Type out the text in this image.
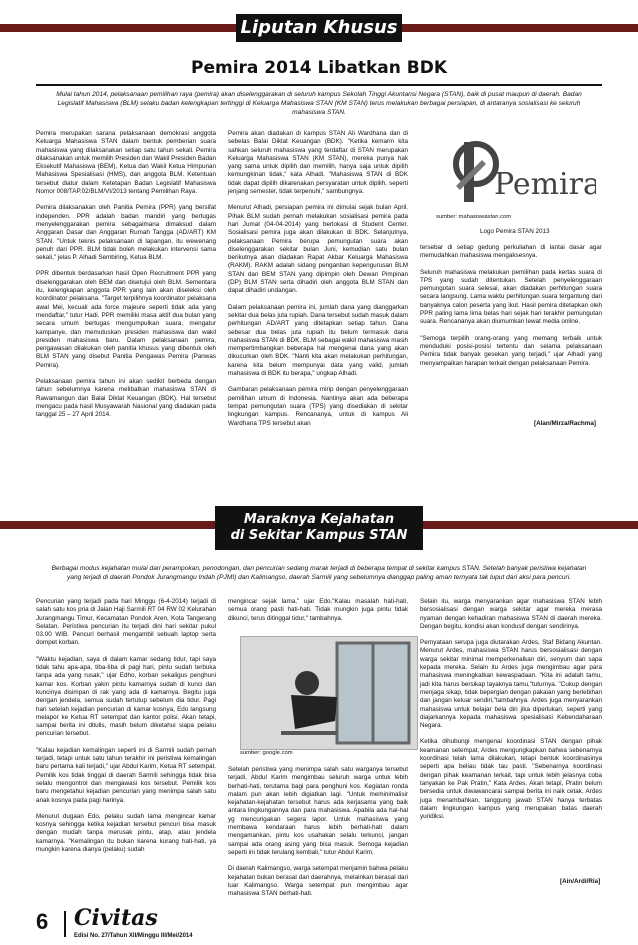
Liputan Khusus
Pemira 2014 Libatkan BDK
Mulai tahun 2014, pelaksanaan pemilihan raya (pemira) akan diselenggarakan di seluruh kampus Sekolah Tinggi Akuntansi Negara (STAN), baik di pusat maupun di daerah. Badan Legislatif Mahasiswa (BLM) selaku badan kelengkapan tertinggi di Keluarga Mahasiswa STAN (KM STAN) terus melakukan berbagai persiapan, di antaranya sosialisasi ke seluruh mahasiswa STAN.

Pemira merupakan sarana pelaksanaan demokrasi anggota Keluarga Mahasiswa STAN dalam bentuk pemberian suara mahasiswa yang dilaksanakan setiap satu tahun sekali. Pemira dilaksanakan untuk memilih Presiden dan Wakil Presiden Badan Eksekutif Mahasiswa (BEM), Ketua dan Wakil Ketua Himpunan Mahasiswa Spesialisasi (HMS), dan anggota BLM. Ketentuan tersebut diatur dalam Ketetapan Badan Legislatif Mahasiswa Nomor 008/TAP.02/BLM/VI/2013 tentang Pemilihan Raya.

Pemira dilaksanakan oleh Panitia Pemira (PPR) yang bersifat independen. PPR adalah badan mandiri yang bertugas menyelenggarakan pemira sebagaimana dimaksud dalam Anggaran Dasar dan Anggaran Rumah Tangga (AD/ART) KM STAN. "Untuk teknis pelaksanaan di lapangan, itu wewenang penuh dari PPR. BLM tidak boleh melakukan intervensi sama sekali," jelas P. Alhadi Sembiring, Ketua BLM.

PPR dibentuk berdasarkan hasil Open Recruitment PPR yang diselenggarakan oleh BEM dan disetujui oleh BLM. Sementara itu, kelengkapan anggota PPR yang lain akan diseleksi oleh koordinator pelaksana. "Target terpilihnya koordinator pelaksana awal Mei, kecuali ada force majeure seperti tidak ada yang mendaftar," tutur Hadi. PPR memiliki masa aktif dua bulan yang secara umum bertugas mengumpulkan suara, mengatur kampanye, dan memutuskan presiden mahasiswa dan wakil presiden mahasiswa baru. Dalam pelaksanaan pemira, pengawasan dilakukan oleh panitia khusus yang dibentuk oleh BLM STAN yang disebut Panitia Pengawas Pemira (Panwas Pemira).

Pelaksanaan pemira tahun ini akan sedikit berbeda dengan tahun sebelumnya karena melibatkan mahasiswa STAN di Rawamangun dan Balai Diklat Keuangan (BDK). Hal tersebut mengacu pada hasil Musyawarah Nasional yang diadakan pada tanggal 25 – 27 April 2014.

Pemira akan diadakan di kampus STAN Ali Wardhana dan di sebelas Balai Diklat Keuangan (BDK). "Ketika kemarin kita sahkan seluruh mahasiswa yang terdaftar di STAN merupakan Keluarga Mahasiswa STAN (KM STAN), mereka punya hak yang sama untuk dipilih dan memilih, hanya saja untuk dipilih kemungkinan tidak," kata Alhadi. "Mahasiswa STAN di BDK tidak dapat dipilih dikarenakan persyaratan untuk dipilih, seperti jenjang semester, tidak terpenuhi," sambungnya.

Menurut Alhadi, persiapan pemira ini dimulai sejak bulan April. Pihak BLM sudah pernah melakukan sosialisasi pemira pada hari Jumat (04-04-2014) yang berlokasi di Student Center. Sosialisasi pemira juga akan dilakukan di BDK. Selanjutnya, pelaksanaan Pemira berupa pemungutan suara akan diselenggarakan sekitar bulan Juni, kemudian satu bulan berikutnya akan diadakan Rapat Akbar Keluarga Mahasiswa (RAKM). RAKM adalah sidang pengantian kepengurusan BLM STAN dan BEM STAN yang dipimpin oleh Dewan Pimpinan (DP) BLM STAN serta dihadiri oleh anggota BLM STAN dan dapat dihadiri undangan.

Dalam pelaksanaan pemira ini, jumlah dana yang dianggarkan sekitar dua belas juta rupiah. Dana tersebut sudah masuk dalam perhitungan AD/ART yang ditetapkan setiap tahun. Dana sebesar dua belas juta rupiah itu belum termasuk dana mahasiswa STAN di BDK. BLM sebagai wakil mahasiswa masih mempertimbangkan beberapa hal mengenai dana yang akan dikucurkan oleh BDK. "Nanti kita akan melakukan perhitungan, karena kita belum mempunyai data yang valid, jumlah mahasiswa di BDK itu berapa," ungkap Alhadi.

Gambaran pelaksanaan pemira mirip dengan penyelenggaraan pemilihan umum di Indonesia. Nantinya akan ada beberapa tempat pemungutan suara (TPS) yang disediakan di sekitar lingkungan kampus. Rencananya, untuk di kampus Ali Wardhana TPS tersebut akan

Pemira
sumber: mahasiswastan.com
Logo Pemira STAN 2013

tersebar di setiap gedung perkuliahan di lantai dasar agar memudahkan mahasiswa mengaksesnya.

Seluruh mahasiswa melakukan pemilihan pada kertas suara di TPS yang sudah ditentukan. Setelah penyelenggaraan pemungutan suara selesai, akan diadakan perhitungan suara secara langsung. Lama waktu perhitungan suara tergantung dari banyaknya calon peserta yang ikut. Hasil pemira ditetapkan oleh PPR paling lama lima belas hari sejak hari terakhir pemungutan suara. Rencananya akan diumumkan lewat media online.

"Semoga terpilih orang-orang yang memang terbaik untuk menduduki posisi-posisi tertentu dan selama pelaksanaan Pemira tidak banyak gesekan yang terjadi," ujar Alhadi yang menyampaikan harapan terkait dengan pelaksanaan Pemira.

[Alan/Mirza/Rachma]
Maraknya Kejahatan
di Sekitar Kampus STAN
Berbagai modus kejahatan mulai dari perampokan, penodongan, dan pencurian sedang marak terjadi di beberapa tempat di sekitar kampus STAN. Setelah banyak peristiwa kejahatan yang terjadi di daerah Pondok Jurangmangu Indah (PJMI) dan Kalimangso, daerah Sarmili yang sebelumnya dianggap paling aman ternyata tak luput dari aksi para pencuri.

Pencurian yang terjadi pada hari Minggu (6-4-2014) terjadi di salah satu kos pria di Jalan Haji Sarmili RT 04 RW 02 Kelurahan Jurangmangu Timur, Kecamatan Pondok Aren, Kota Tangerang Selatan. Peristiwa pencurian itu terjadi dini hari sekitar pukul 03.00 WIB. Pencuri berhasil mengambil sebuah laptop serta dompet korban.

"Waktu kejadian, saya di dalam kamar sedang tidur, tapi saya tidak tahu apa-apa, tiba-tiba di pagi hari, pintu sudah terbuka tanpa ada yang rusak," ujar Edho, korban sekaligus penghuni kamar kos. Korban yakin pintu kamarnya sudah di kunci dan kuncinya disimpan di rak yang ada di kamarnya. Begitu juga dengan jendela, semua sudah tertutup sebelum dia tidur. Pagi hari setelah kejadian pencurian di kamar kosnya, Edo langsung melapor ke Ketua RT setempat dan kantor polisi. Akan tetapi, sampai berita ini ditulis, masih belum diketahui siapa pelaku pencurian tersebut.

"Kalau kejadian kemalingan seperti ini di Sarmili sudah pernah terjadi, tetapi untuk satu tahun terakhir ini peristiwa kemalingan baru pertama kali terjadi," ujar Abdul Karim, Ketua RT setempat. Pemilik kos tidak tinggal di daerah Sarmili sehingga tidak bisa selalu mengontrol dan mengawasi kos tersebut. Pemilik kos baru mengetahui kejadian pencurian yang menimpa salah satu anak kosnya pada pagi harinya.

Menurut dugaan Edo, pelaku sudah lama mengincar kamar kosnya sehingga ketika kejadian tersebut pencuri bisa masuk dengan mudah tanpa merusak pintu, atap, atau jendela kamarnya. "Kemalingan itu bukan karena kurang hati-hati, ya mungkin karena dianya (pelaku) sudah

mengincar sejak lama," ujar Edo."Kalau masalah hati-hati, semua orang pasti hati-hati. Tidak mungkin juga pintu tidak dikunci, terus ditinggal tidur," tambahnya.
sumber: google.com

Setelah peristiwa yang menimpa salah satu warganya tersebut terjadi, Abdul Karim mengimbau seluruh warga untuk lebih berhati-hati, terutama bagi para penghuni kos. Kegiatan ronda malam pun akan lebih digiatkan lagi. "Untuk meminimalisir kejahatan-kejahatan tersebut harus ada kerjasama yang baik antara lingkungannya dan para mahasiswa. Apabila ada hal-hal yg mencurigakan segera lapor. Untuk mahasiswa yang membawa kendaraan harus lebih berhati-hati dalam mengamankan, pintu kos usahakan selalu terkunci, jangan sampai ada orang asing yang bisa masuk. Semoga kejadian seperti ini tidak terulang kembali," tutur Abdul Karim.

Di daerah Kalimangso, warga setempat menjamin bahwa pelaku kejahatan bukan berasal dari daerahnya, melainkan berasal dari luar Kalimangso. Warga setempat pun mengimbau agar mahasiswa STAN berhati-hati.

Selain itu, warga menyarankan agar mahasiswa STAN lebih bersosialisasi dengan warga sekitar agar mereka merasa nyaman dengan kehadiran mahasiswa STAN di daerah mereka. Dengan begitu, kondisi akan kondusif dengan sendirinya.

Pernyataan serupa juga diutarakan Ardes, Staf Bidang Akuntan. Menurut Ardes, mahasiswa STAN harus bersosialisasi dengan warga sekitar minimal memperkenalkan diri, senyum dan sapa kepada mereka. Selain itu Ardes juga mengimbau agar para mahasiswa meningkatkan kewaspadaan. "Kita ini adalah tamu, jadi kita harus bersikap layaknya tamu,"tuturnya. "Cukup dengan menjaga sikap, tidak bepergian dengan pakaian yang berlebihan dan jangan keluar sendiri,"tambahnya. Ardes juga menyarankan mahasiswa untuk belajar bela diri jika diperlukan, seperti yang diajarkannya kepada mahasiswa spesialisasi Kebendaharaan Negara.

Ketika dihubungi mengenai koordinasi STAN dengan pihak keamanan setempat, Ardes mengungkapkan bahwa sebenarnya koordinasi telah lama dilakukan, tetapi bentuk koordinasinya seperti apa beliau tidak tau pasti. "Sebenarnya koordinasi dengan pihak keamanan terkait, tapi untuk lebih jelasnya coba tanyakan ke Pak Pratin," Kata Ardes. Akan tetapi, Pratin belum bersedia untuk diwawancarai sampai berita ini naik cetak. Ardes juga menambahkan, tanggung jawab STAN hanya terbatas dalam lingkungan kampus yang merupakan batas daerah yuridiksi.

[Ain/Ardi/Ria]
6 Civitas
Edisi No. 27/Tahun XII/Minggu III/Mei/2014
